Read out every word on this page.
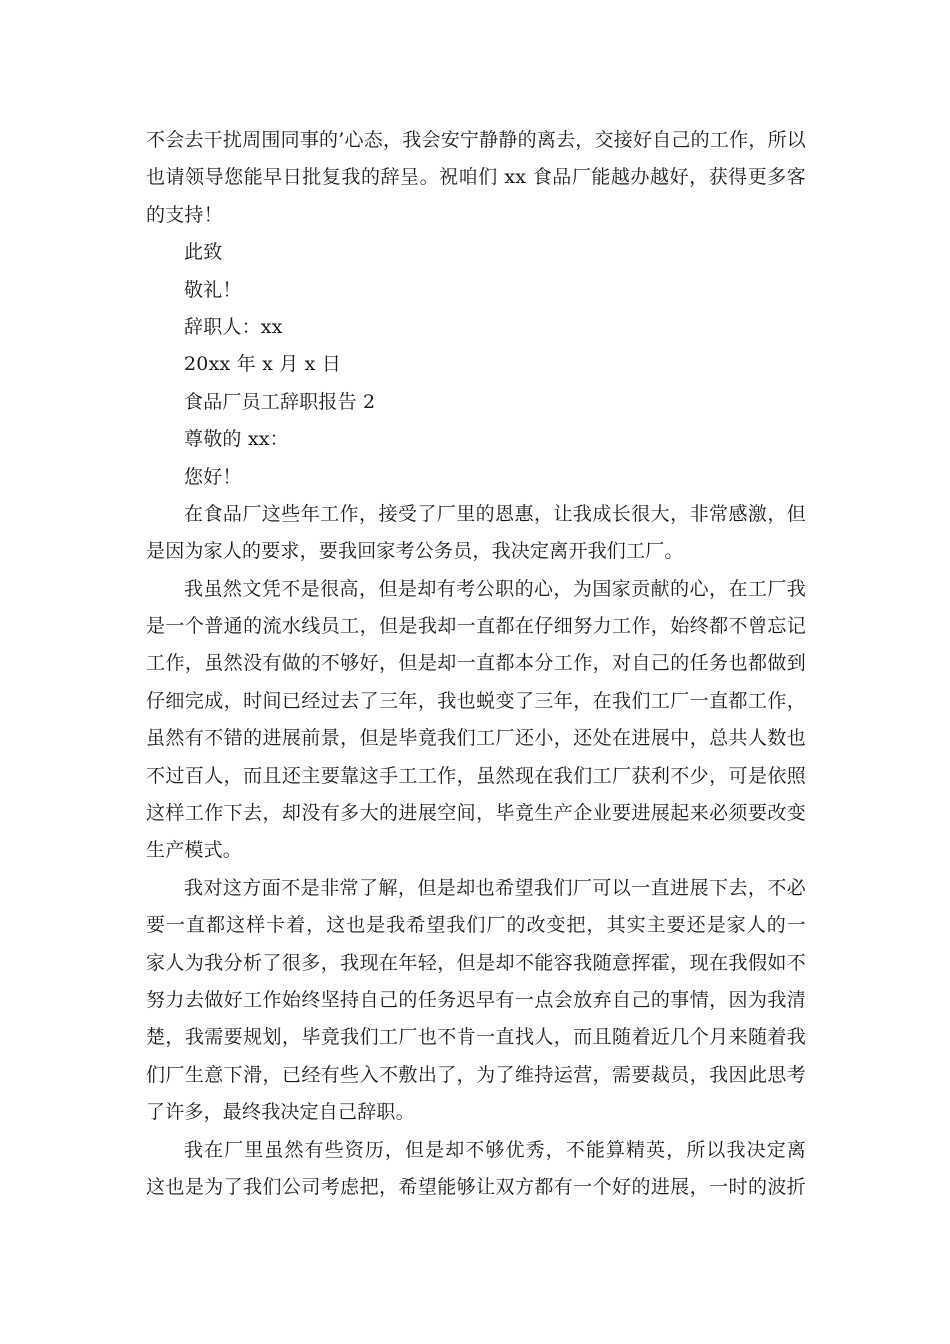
不会去干扰周围同事的’心态，我会安宁静静的离去，交接好自己的工作，所以
也请领导您能早日批复我的辞呈。祝咱们 xx 食品厂能越办越好，获得更多客
的支持！
此致
敬礼！
辞职人：xx
20xx 年 x 月 x 日
食品厂员工辞职报告 2
尊敬的 xx：
您好！
在食品厂这些年工作，接受了厂里的恩惠，让我成长很大，非常感激，但
是因为家人的要求，要我回家考公务员，我决定离开我们工厂。
我虽然文凭不是很高，但是却有考公职的心，为国家贡献的心，在工厂我
是一个普通的流水线员工，但是我却一直都在仔细努力工作，始终都不曾忘记
工作，虽然没有做的不够好，但是却一直都本分工作，对自己的任务也都做到
仔细完成，时间已经过去了三年，我也蜕变了三年，在我们工厂一直都工作，
虽然有不错的进展前景，但是毕竟我们工厂还小，还处在进展中，总共人数也
不过百人，而且还主要靠这手工工作，虽然现在我们工厂获利不少，可是依照
这样工作下去，却没有多大的进展空间，毕竟生产企业要进展起来必须要改变
生产模式。
我对这方面不是非常了解，但是却也希望我们厂可以一直进展下去，不必
要一直都这样卡着，这也是我希望我们厂的改变把，其实主要还是家人的一
家人为我分析了很多，我现在年轻，但是却不能容我随意挥霍，现在我假如不
努力去做好工作始终坚持自己的任务迟早有一点会放弃自己的事情，因为我清
楚，我需要规划，毕竟我们工厂也不肯一直找人，而且随着近几个月来随着我
们厂生意下滑，已经有些入不敷出了，为了维持运营，需要裁员，我因此思考
了许多，最终我决定自己辞职。
我在厂里虽然有些资历，但是却不够优秀，不能算精英，所以我决定离
这也是为了我们公司考虑把，希望能够让双方都有一个好的进展，一时的波折
